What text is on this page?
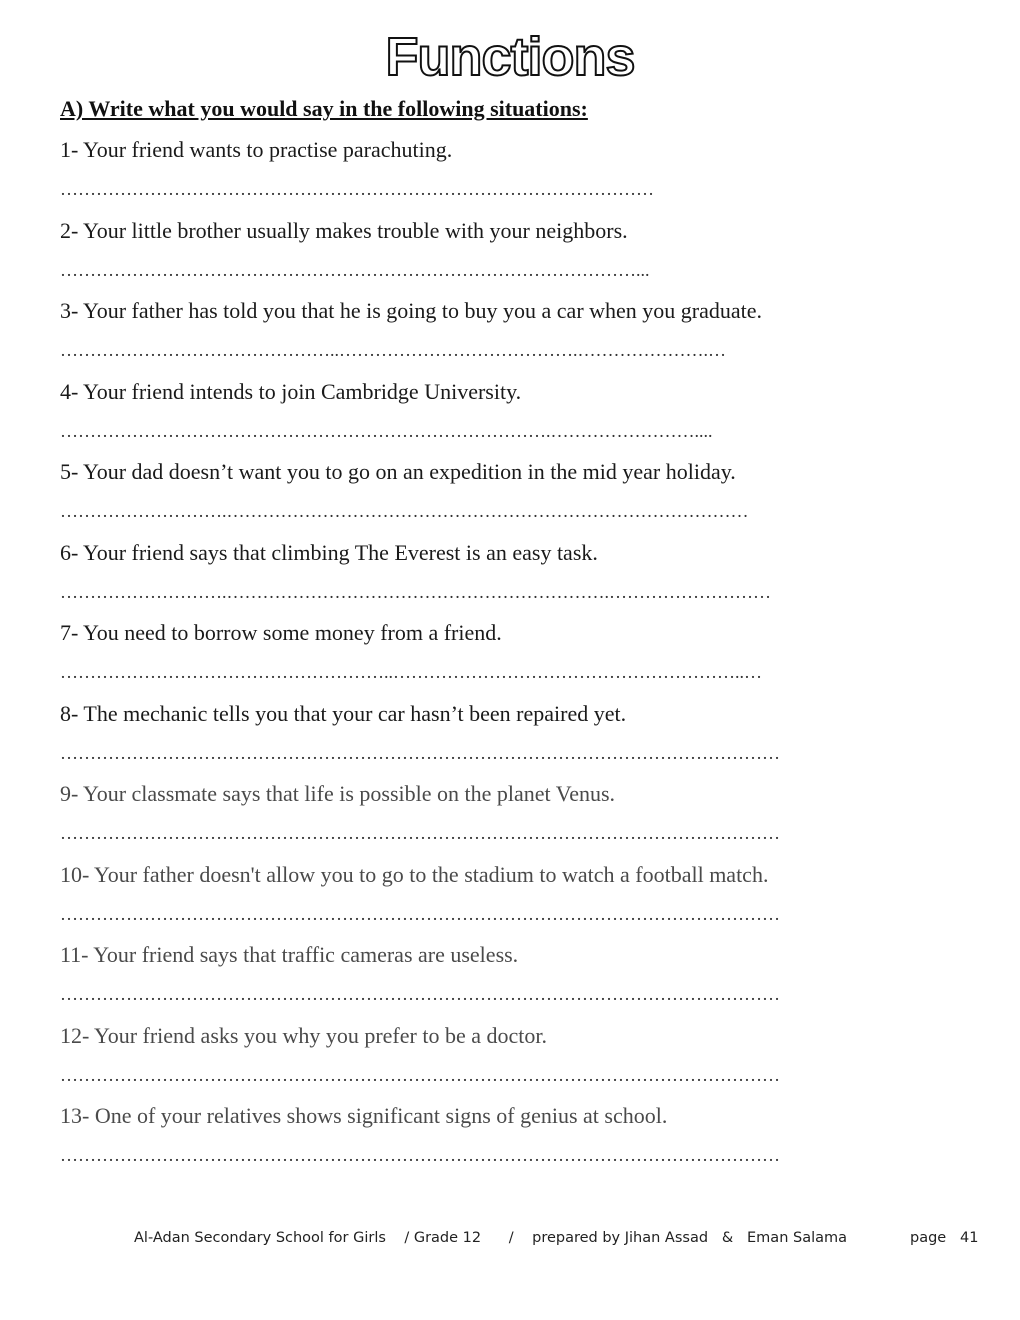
Functions
A) Write what you would say in the following situations:
1- Your friend wants to practise parachuting.
………………………………………………………………………………………
2- Your little brother usually makes trouble with your neighbors.
……………………………………………………………………………………...
3- Your father has told you that he is going to buy you a car when you graduate.
………………………………………..………………………………….………………….…
4- Your friend intends to join Cambridge University.
……………………………………………………………………….……………………....
5- Your dad doesn’t want you to go on an expedition in the mid year holiday.
……………………….……………………………………………………………………………
6- Your friend says that climbing The Everest is an easy task.
……………………….……………………………………………………….………………………
7- You need to borrow some money from a friend.
………………………………………………..…………………………………………………..…
8- The mechanic tells you that your car hasn’t been repaired yet.
…………………………………………………………………………………………………………
9- Your classmate says that life is possible on the planet Venus.
…………………………………………………………………………………………………………
10- Your father doesn't allow you to go to the stadium to watch a football match.
…………………………………………………………………………………………………………
11- Your friend says that traffic cameras are useless.
…………………………………………………………………………………………………………
12- Your friend asks you why you prefer to be a doctor.
…………………………………………………………………………………………………………
13- One of your relatives shows significant signs of genius at school.
…………………………………………………………………………………………………………
Al-Adan Secondary School for Girls
/ Grade 12
/
prepared by Jihan Assad
&
Eman Salama	page 41
